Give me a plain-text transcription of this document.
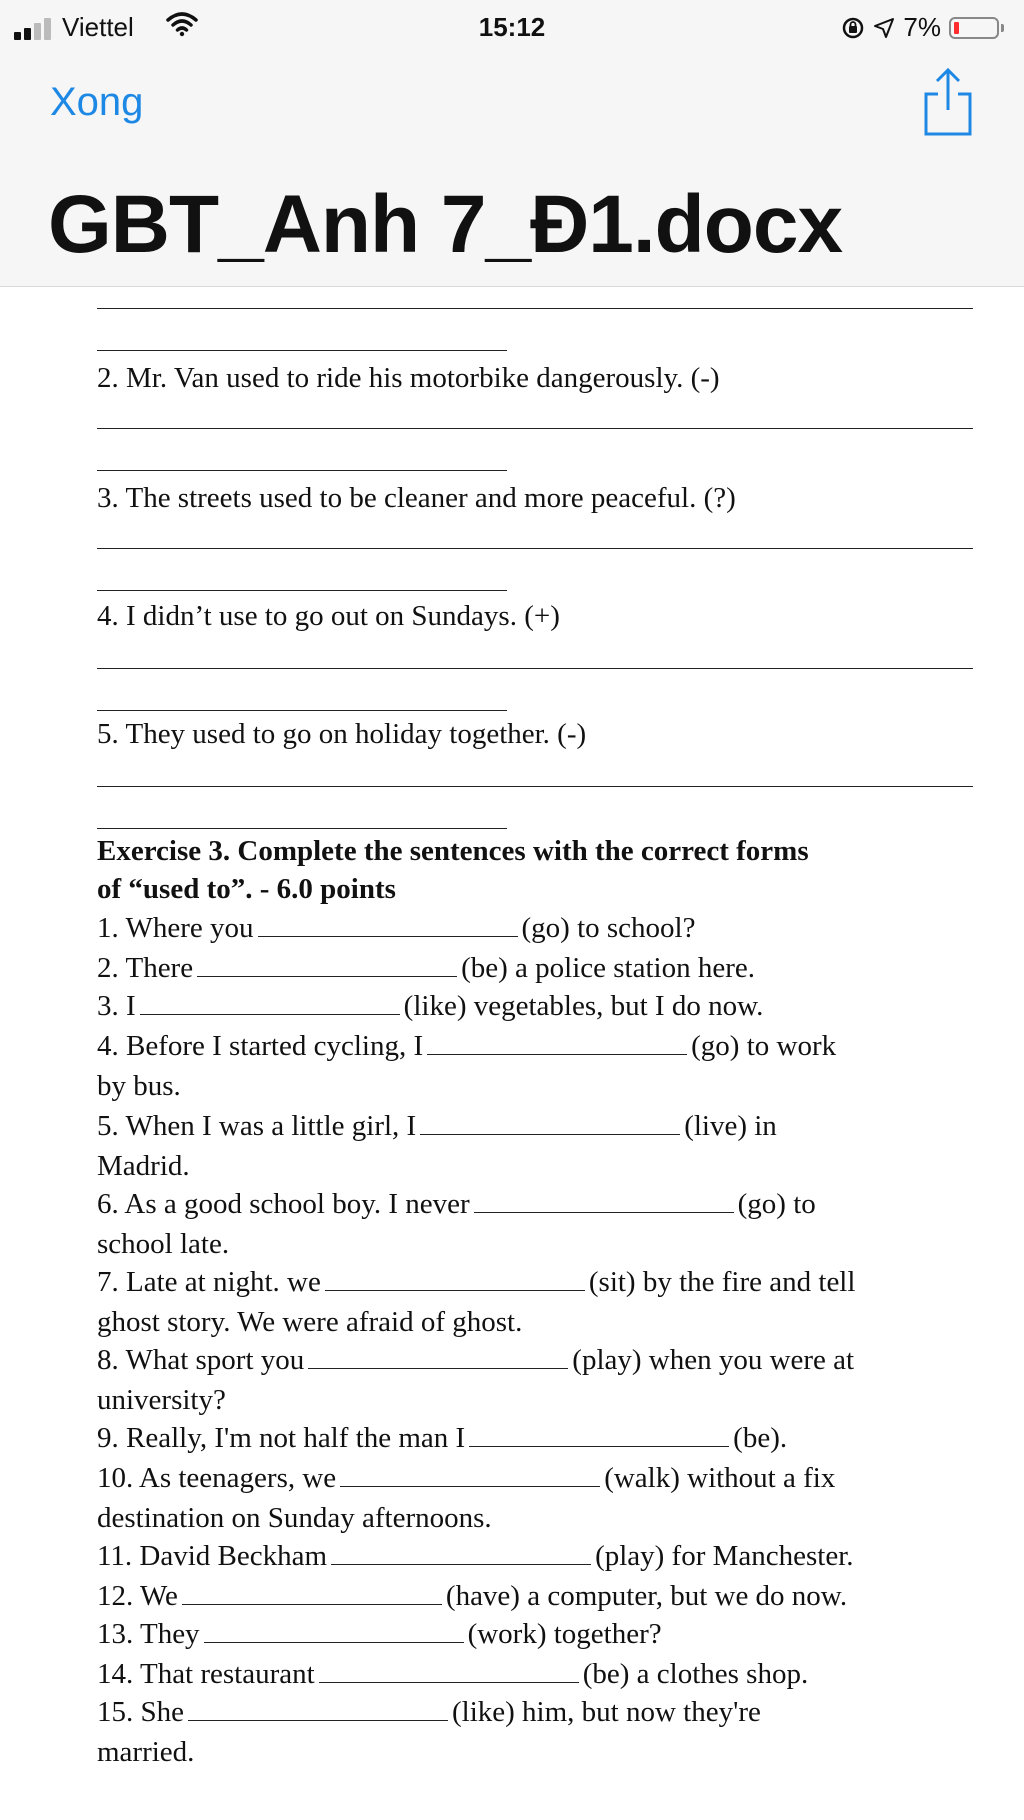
Viettel	15:12	7%
Xong
GBT_Anh 7_Đ1.docx
2. Mr. Van used to ride his motorbike dangerously. (-)
3. The streets used to be cleaner and more peaceful. (?)
4. I didn’t use to go out on Sundays. (+)
5. They used to go on holiday together. (-)
Exercise 3. Complete the sentences with the correct forms
of “used to”. - 6.0 points
1. Where you	(go) to school?
2. There	(be) a police station here.
3. I	(like) vegetables, but I do now.
4. Before I started cycling, I	(go) to work
by bus.
5. When I was a little girl, I	(live) in
Madrid.
6. As a good school boy. I never	(go) to
school late.
7. Late at night. we	(sit) by the fire and tell
ghost story. We were afraid of ghost.
8. What sport you	(play) when you were at
university?
9. Really, I'm not half the man I	(be).
10. As teenagers, we	(walk) without a fix
destination on Sunday afternoons.
11. David Beckham	(play) for Manchester.
12. We	(have) a computer, but we do now.
13. They	(work) together?
14. That restaurant	(be) a clothes shop.
15. She	(like) him, but now they're
married.
